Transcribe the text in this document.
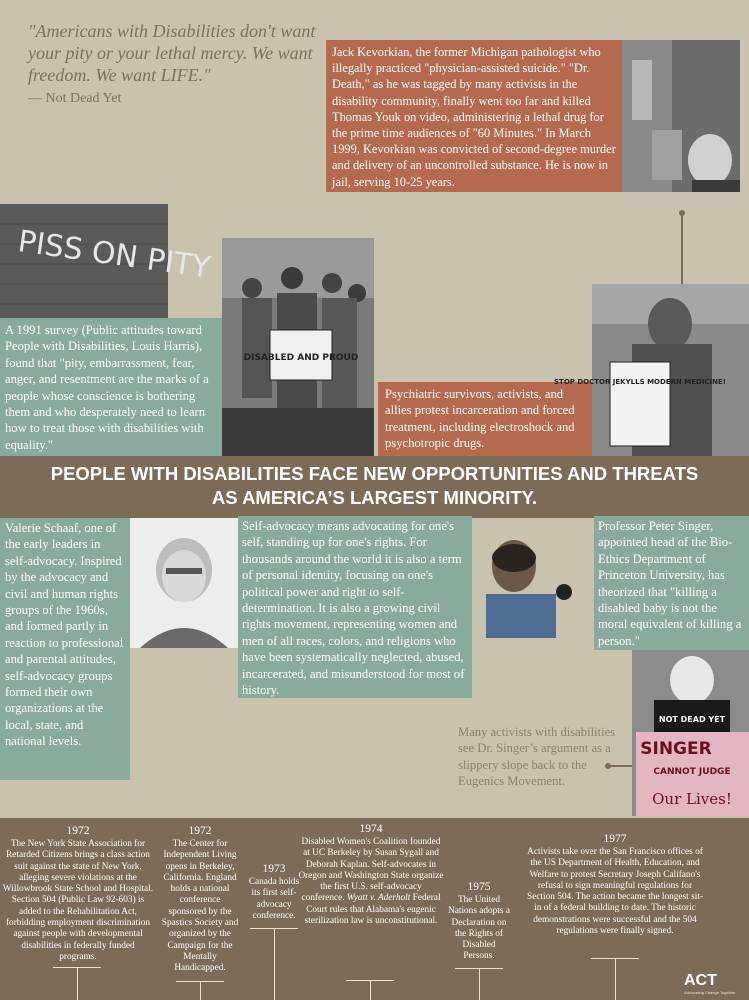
"Americans with Disabilities don't want your pity or your lethal mercy. We want freedom. We want LIFE."
— Not Dead Yet
Jack Kevorkian, the former Michigan pathologist who illegally practiced "physician-assisted suicide." "Dr. Death," as he was tagged by many activists in the disability community, finally went too far and killed Thomas Youk on video, administering a lethal drug for the prime time audiences of "60 Minutes." In March 1999, Kevorkian was convicted of second-degree murder and delivery of an uncontrolled substance. He is now in jail, serving 10-25 years.
PISS ON PITY
DISABLED AND PROUD
A 1991 survey (Public attitudes toward People with Disabilities, Louis Harris), found that "pity, embarrassment, fear, anger, and resentment are the marks of a people whose conscience is bothering them and who desperately need to learn how to treat those with disabilities with equality."
Psychiatric survivors, activists, and allies protest incarceration and forced treatment, including electroshock and psychotropic drugs.
STOP DOCTOR JEKYLLS MODERN MEDICINE!
PEOPLE WITH DISABILITIES FACE NEW OPPORTUNITIES AND THREATS
AS AMERICA’S LARGEST MINORITY.
Valerie Schaaf, one of the early leaders in self-advocacy. Inspired by the advocacy and civil and human rights groups of the 1960s, and formed partly in reaction to professional and parental attitudes, self-advocacy groups formed their own organizations at the local, state, and national levels.
Self-advocacy means advocating for one's self, standing up for one's rights. For thousands around the world it is also a term of personal identity, focusing on one's political power and right to self-determination. It is also a growing civil rights movement, representing women and men of all races, colors, and religions who have been systematically neglected, abused, incarcerated, and misunderstood for most of history.
Professor Peter Singer, appointed head of the Bio-Ethics Department of Princeton University, has theorized that "killing a disabled baby is not the moral equivalent of killing a person."
Many activists with disabilities see Dr. Singer’s argument as a slippery slope back to the Eugenics Movement.
NOT DEAD YET
SINGER
CANNOT JUDGE
Our Lives!
1972
The New York State Association for Retarded Citizens brings a class action suit against the state of New York, alleging severe violations at the Willowbrook State School and Hospital. Section 504 (Public Law 92-603) is added to the Rehabilitation Act, forbidding employment discrimination against people with developmental disabilities in federally funded programs.
1972
The Center for Independent Living opens in Berkeley, California. England holds a national conference sponsored by the Spastics Society and organized by the Campaign for the Mentally Handicapped.
1973
Canada holds its first self-advocacy conference.
1974
Disabled Women's Coalition founded at UC Berkeley by Susan Sygall and Deborah Kaplan. Self-advocates in Oregon and Washington State organize the first U.S. self-advocacy conference. Wyatt v. Aderholt Federal Court rules that Alabama's eugenic sterilization law is unconstitutional.
1975
The United Nations adopts a Declaration on the Rights of Disabled Persons.
1977
Activists take over the San Francisco offices of the US Department of Health, Education, and Welfare to protest Secretary Joseph Califano's refusal to sign meaningful regulations for Section 504. The action became the longest sit-in of a federal building to date. The historic demonstrations were successful and the 504 regulations were finally signed.
ACT
Advocating Change Together
